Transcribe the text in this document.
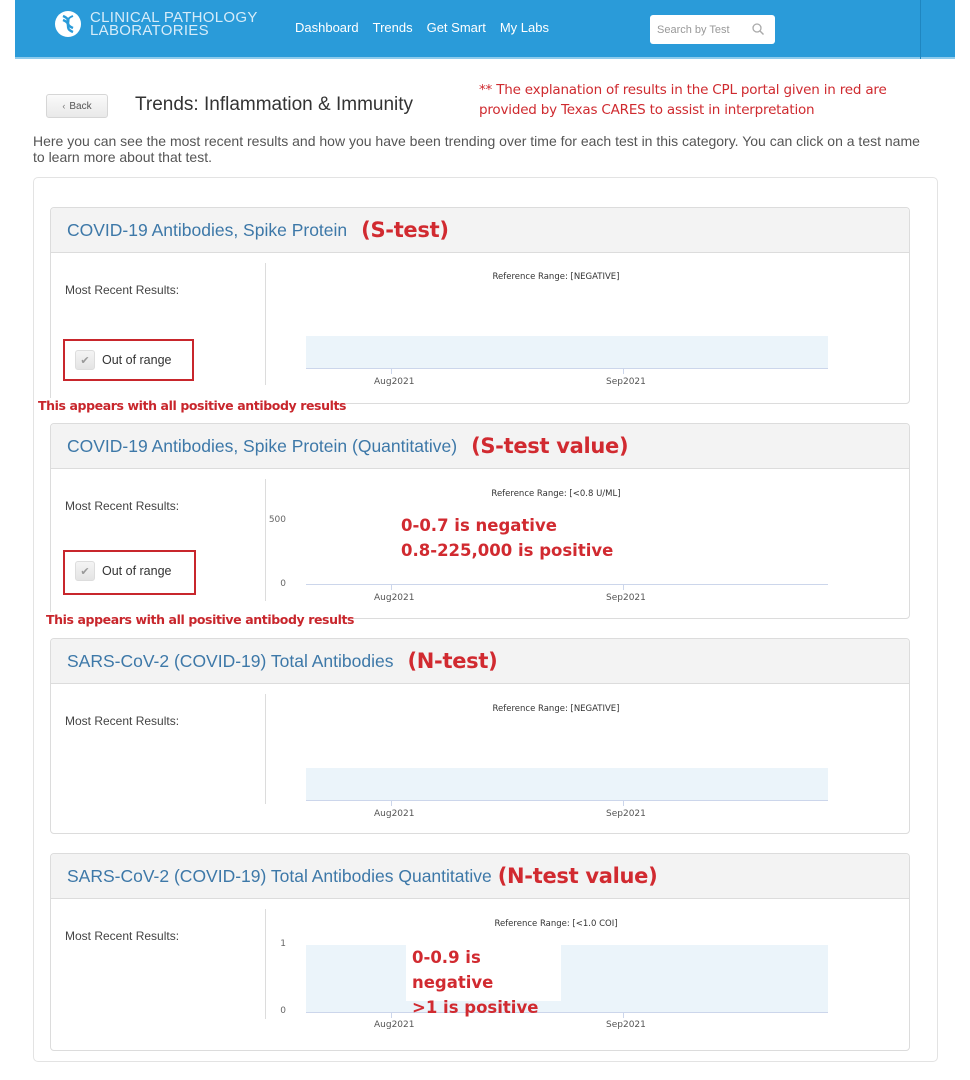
CLINICAL PATHOLOGY
LABORATORIES	Dashboard Trends Get Smart My Labs
Search by Test
‹ Back Trends: Inflammation & Immunity
** The explanation of results in the CPL portal given in red are provided by Texas CARES to assist in interpretation
Here you can see the most recent results and how you have been trending over time for each test in this category. You can click on a test name to learn more about that test.
COVID-19 Antibodies, Spike Protein (S-test)
Most Recent Results:
✔ Out of range
Reference Range: [NEGATIVE]
Aug2021	Sep2021
This appears with all positive antibody results
COVID-19 Antibodies, Spike Protein (Quantitative) (S-test value)
Most Recent Results:
✔ Out of range
Reference Range: [<0.8 U/ML]
500
0
Aug2021	Sep2021
0-0.7 is negative
0.8-225,000 is positive
This appears with all positive antibody results
SARS-CoV-2 (COVID-19) Total Antibodies (N-test)
Most Recent Results:
Reference Range: [NEGATIVE]
Aug2021	Sep2021
SARS-CoV-2 (COVID-19) Total Antibodies Quantitative (N-test value)
Most Recent Results:
Reference Range: [<1.0 COI]
1
0
Aug2021	Sep2021
0-0.9 is negative
>1 is positive
